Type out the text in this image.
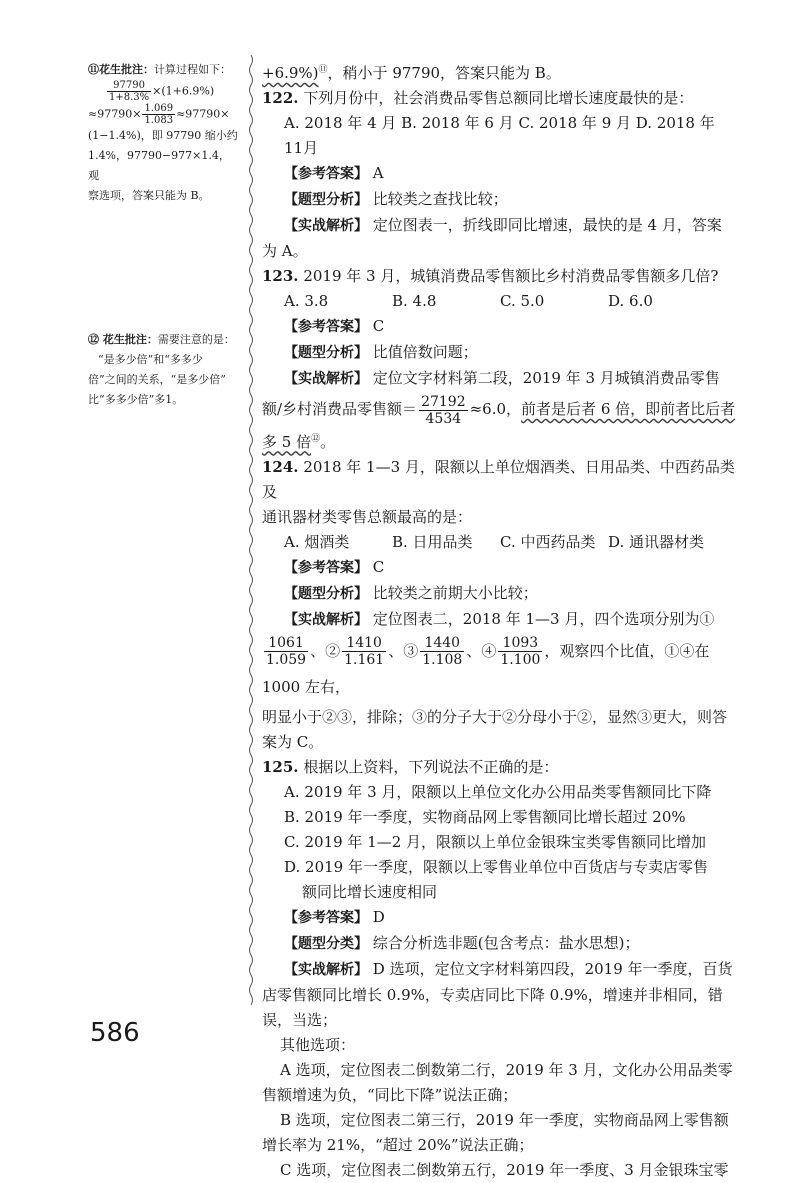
⑪花生批注：计算过程如下：
$\frac{97790}{1+8.3\%} \times(1+6.9\%)$
$\approx 97790\times \frac{1.069}{1.083} \approx 97790\times$
(1−1.4%)，即 97790 缩小约
1.4%，97790−977×1.4，观
察选项，答案只能为 B。
⑫ 花生批注：需要注意的是：
“是多少倍”和“多多少
倍”之间的关系，“是多少倍”
比“多多少倍”多1。

+6.9%)⑪，稍小于 97790，答案只能为 B。

122. 下列月份中，社会消费品零售总额同比增长速度最快的是：

A. 2018 年 4 月 B. 2018 年 6 月 C. 2018 年 9 月 D. 2018 年

11月

【参考答案】 A

【题型分析】 比较类之查找比较；

【实战解析】 定位图表一，折线即同比增速，最快的是 4 月，答案

为 A。

123. 2019 年 3 月，城镇消费品零售额比乡村消费品零售额多几倍?

A. 3.8	B. 4.8	C. 5.0	D. 6.0

【参考答案】 C

【题型分析】 比值倍数问题；

【实战解析】 定位文字材料第二段，2019 年 3 月城镇消费品零售

额/乡村消费品零售额＝ $\frac{27192}{4534} \approx 6.0$，前者是后者 6 倍，即前者比后者

多 5 倍⑫。

124. 2018 年 1—3 月，限额以上单位烟酒类、日用品类、中西药品类及

通讯器材类零售总额最高的是：

A. 烟酒类	B. 日用品类	C. 中西药品类 D. 通讯器材类

【参考答案】 C

【题型分析】 比较类之前期大小比较；

【实战解析】 定位图表二，2018 年 1—3 月，四个选项分别为①

$\frac{1061}{1.059}$ 、② $\frac{1410}{1.161}$ 、③ $\frac{1440}{1.108}$ 、④ $\frac{1093}{1.100}$ ，观察四个比值，①④在 1000 左右，

明显小于②③，排除；③的分子大于②分母小于②，显然③更大，则答

案为 C。

125. 根据以上资料，下列说法不正确的是：

A. 2019 年 3 月，限额以上单位文化办公用品类零售额同比下降

B. 2019 年一季度，实物商品网上零售额同比增长超过 20%

C. 2019 年 1—2 月，限额以上单位金银珠宝类零售额同比增加

D. 2019 年一季度，限额以上零售业单位中百货店与专卖店零售

额同比增长速度相同

【参考答案】 D

【题型分类】 综合分析选非题(包含考点：盐水思想)；

【实战解析】 D 选项，定位文字材料第四段，2019 年一季度，百货

店零售额同比增长 0.9%，专卖店同比下降 0.9%，增速并非相同，错

误，当选；

其他选项：

A 选项，定位图表二倒数第二行，2019 年 3 月，文化办公用品类零

售额增速为负，“同比下降”说法正确；

B 选项，定位图表二第三行，2019 年一季度，实物商品网上零售额

增长率为 21%，“超过 20%”说法正确；

C 选项，定位图表二倒数第五行，2019 年一季度、3 月金银珠宝零

586
